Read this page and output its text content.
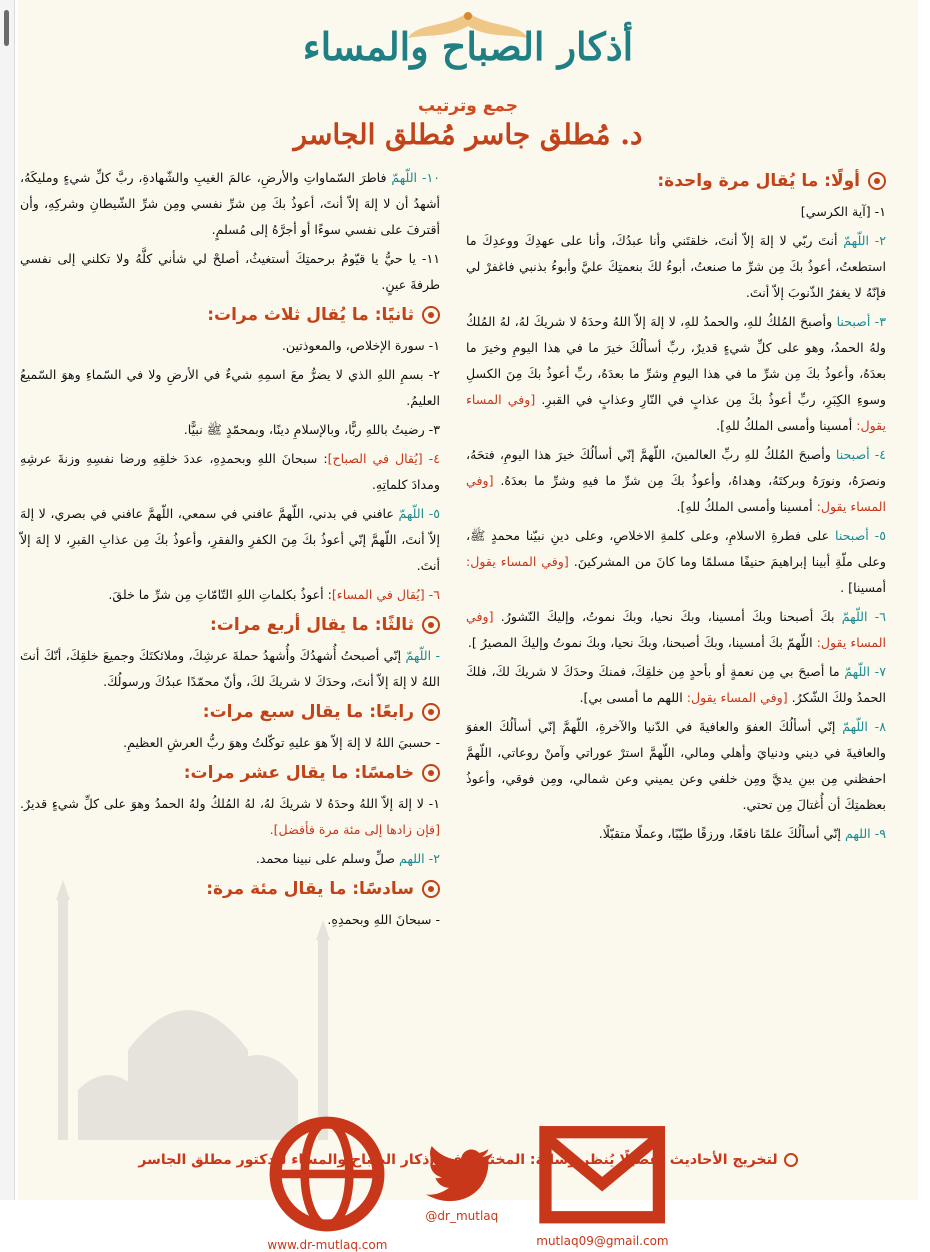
أذكار الصباح والمساء
جمع وترتيب
د. مُطلق جاسر مُطلق الجاسر
أولًا: ما يُقال مرة واحدة:

١- [آية الكرسي]

٢- اللّهمّ أنتَ ربّي لا إلهَ إلاّ أنتَ، خلقتَني وأنا عبدُكَ، وأنا على عهدِكَ ووعدِكَ ما استطعتُ، أعوذُ بكَ مِن شرِّ ما صنعتُ، أبوءُ لكَ بنعمتِكَ عليَّ وأبوءُ بذنبي فاغفرْ لي فإنّهُ لا يغفرُ الذّنوبَ إلاّ أنتَ.

٣- أصبحنا وأصبحَ المُلكُ للهِ، والحمدُ للهِ، لا إلهَ إلاّ اللهُ وحدَهُ لا شريكَ لهُ، لهُ المُلكُ ولهُ الحمدُ، وهو على كلِّ شيءٍ قديرٌ، ربِّ أسألُكَ خيرَ ما في هذا اليومِ وخيرَ ما بعدَهُ، وأعوذُ بكَ مِن شرِّ ما في هذا اليومِ وشرِّ ما بعدَهُ، ربِّ أعوذُ بكَ مِنَ الكسلِ وسوءِ الكِبَرِ، ربِّ أعوذُ بكَ مِن عذابٍ في النّارِ وعذابٍ في القبرِ. [وفي المساء يقول: أمسينا وأمسى الملكُ للهِ].

٤- أصبحنا وأصبحَ المُلكُ للهِ ربِّ العالمينَ، اللّهمَّ إنّي أسألُكَ خيرَ هذا اليومِ، فتحَهُ، ونصرَهُ، ونورَهُ وبركتَهُ، وهداهُ، وأعوذُ بكَ مِن شرِّ ما فيهِ وشرِّ ما بعدَهُ. [وفي المساء يقول: أمسينا وأمسى الملكُ للهِ].

٥- أصبحنا على فطرةِ الاسلامِ، وعلى كلمةِ الاخلاصِ، وعلى دينِ نبيّنا محمدٍ ﷺ، وعلى ملّةِ أبينا إبراهيمَ حنيفًا مسلمًا وما كانَ من المشركينَ. [وفي المساء يقول: أمسينا] .

٦- اللّهمّ بكَ أصبحنا وبكَ أمسينا، وبكَ نحيا، وبكَ نموتُ، وإليكَ النّشورُ. [وفي المساء يقول: اللّهمّ بكَ أمسينا، وبكَ أصبحنا، وبكَ نحيا، وبكَ نموتُ وإليكَ المصيرُ ].

٧- اللّهمّ ما أصبحَ بي مِن نعمةٍ أو بأحدٍ مِن خلقِكَ، فمنكَ وحدَكَ لا شريكَ لكَ، فلكَ الحمدُ ولكَ الشّكرُ. [وفي المساء يقول: اللهم ما أمسى بي].

٨- اللّهمّ إنّي أسألُكَ العفوَ والعافيةَ في الدّنيا والآخرةِ، اللّهمَّ إنّي أسألُكَ العفوَ والعافيةَ في ديني ودنيايَ وأهلي ومالي، اللّهمَّ استرْ عوراتي وآمنْ روعاتي، اللّهمَّ احفظني مِن بينِ يديَّ ومِن خلفي وعن يميني وعن شمالي، ومِن فوقي، وأعوذُ بعظمتِكَ أن أُغتالَ مِن تحتي.

٩- اللهم إنّي أسألُكَ علمًا نافعًا، ورزقًا طيّبًا، وعملًا متقبّلًا.

١٠- اللّهمّ فاطرَ السّماواتِ والأرضِ، عالمَ الغيبِ والشّهادةِ، ربَّ كلِّ شيءٍ ومليكَهُ، أشهدُ أن لا إلهَ إلاّ أنتَ، أعوذُ بكَ مِن شرِّ نفسي ومِن شرِّ الشّيطانِ وشركِهِ، وأن أقترفَ على نفسي سوءًا أو أجرَّهُ إلى مُسلمٍ.

١١- يا حيُّ يا قيّومُ برحمتِكَ أستغيثُ، أصلحْ لي شأني كلَّهُ ولا تكلني إلى نفسي طرفةَ عينٍ.

ثانيًا: ما يُقال ثلاث مرات:

١- سورة الإخلاص، والمعوذتين.

٢- بسمِ اللهِ الذي لا يضرُّ معَ اسمِهِ شيءٌ في الأرضِ ولا في السّماءِ وهوَ السّميعُ العليمُ.

٣- رضيتُ باللهِ ربًّا، وبالإسلامِ دينًا، وبمحمّدٍ ﷺ نبيًّا.

٤- [يُقال في الصباح]: سبحانَ اللهِ وبحمدِهِ، عددَ خلقِهِ ورضا نفسِهِ وزنةَ عرشِهِ ومدادَ كلماتِهِ.

٥- اللّهمّ عافني في بدني، اللّهمَّ عافني في سمعي، اللّهمَّ عافني في بصري، لا إلهَ إلاّ أنتَ، اللّهمَّ إنّي أعوذُ بكَ مِنَ الكفرِ والفقرِ، وأعوذُ بكَ مِن عذابِ القبرِ، لا إلهَ إلاّ أنتَ.

٦- [يُقال في المساء]: أعوذُ بكلماتِ اللهِ التّامّاتِ مِن شرِّ ما خلقَ.

ثالثًا: ما يقال أربع مرات:

- اللّهمّ إنّي أصبحتُ أُشهدُكَ وأُشهدُ حملةَ عرشِكَ، وملائكتَكَ وجميعَ خلقِكَ، أنّكَ أنتَ اللهُ لا إلهَ إلاّ أنتَ، وحدَكَ لا شريكَ لكَ، وأنّ محمّدًا عبدُكَ ورسولُكَ.

رابعًا: ما يقال سبع مرات:

- حسبيَ اللهُ لا إلهَ إلاّ هوَ عليهِ توكّلتُ وهوَ ربُّ العرشِ العظيمِ.

خامسًا: ما يقال عشر مرات:

١- لا إلهَ إلاّ اللهُ وحدَهُ لا شريكَ لهُ، لهُ المُلكُ ولهُ الحمدُ وهوَ على كلِّ شيءٍ قديرٌ. [فإن زادها إلى مئة مرة فأفضل].

٢- اللهم صلِّ وسلم على نبينا محمد.

سادسًا: ما يقال مئة مرة:

- سبحانَ اللهِ وبحمدِهِ.

لتخريج الأحاديث تفصيلًا يُنظر رسالة: المختصر في أذكار الصباح والمساء للدكتور مطلق الجاسر
www.dr-mutlaq.com
@dr_mutlaq
mutlaq09@gmail.com
